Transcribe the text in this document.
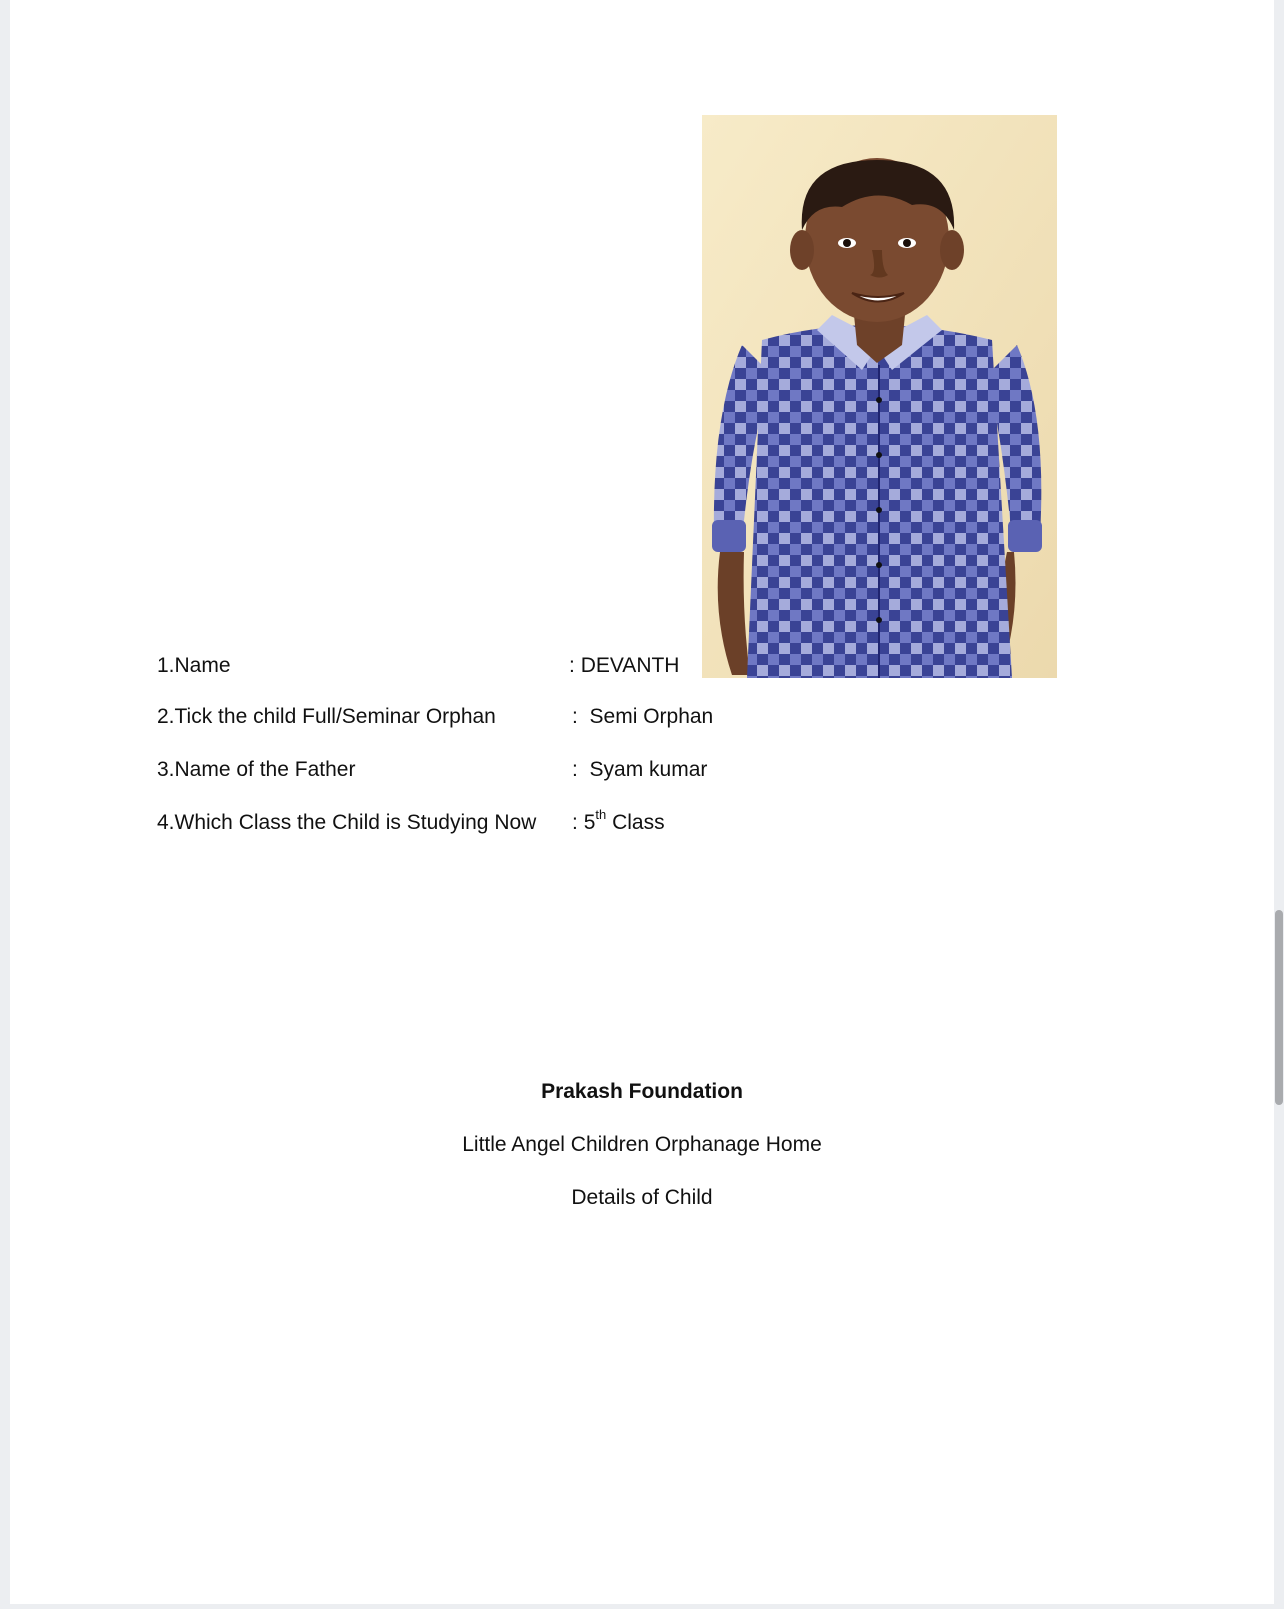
1.Name	: DEVANTH
2.Tick the child Full/Seminar Orphan	: Semi Orphan
3.Name of the Father	: Syam kumar
4.Which Class the Child is Studying Now : 5th Class
Prakash Foundation
Little Angel Children Orphanage Home
Details of Child
